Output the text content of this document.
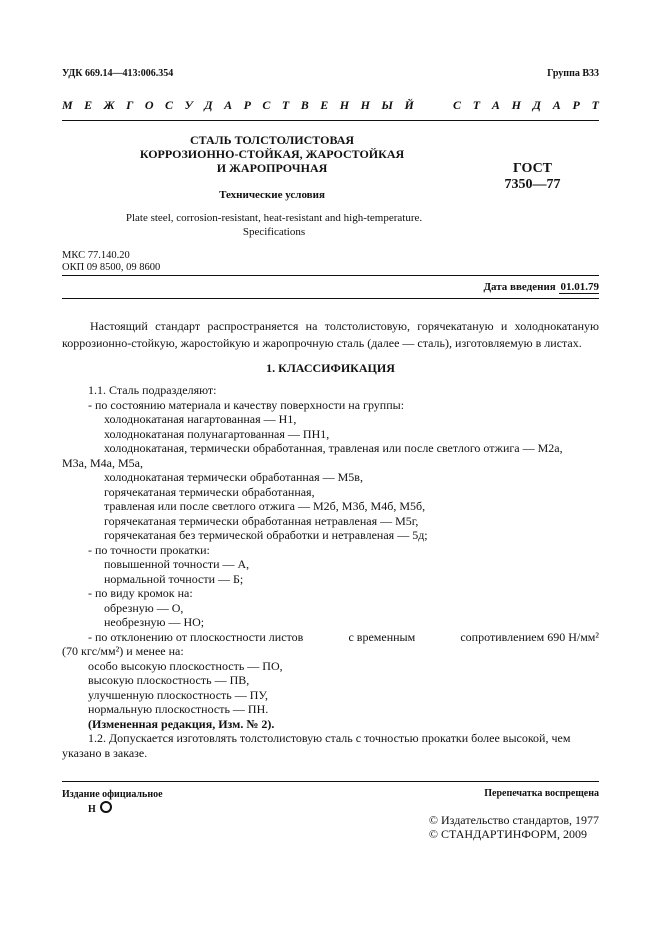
УДК 669.14—413:006.354	Группа В33
М Е Ж Г О С У Д А Р С Т В Е Н Н Ы Й	С Т А Н Д А Р Т
СТАЛЬ ТОЛСТОЛИСТОВАЯ
КОРРОЗИОННО-СТОЙКАЯ, ЖАРОСТОЙКАЯ
И ЖАРОПРОЧНАЯ	ГОСТ
7350—77
Технические условия
Plate steel, corrosion-resistant, heat-resistant and high-temperature.
Specifications
МКС 77.140.20
ОКП 09 8500, 09 8600
Дата введения 01.01.79
Настоящий стандарт распространяется на толстолистовую, горячекатаную и холоднокатаную коррозионно-стойкую, жаростойкую и жаропрочную сталь (далее — сталь), изготовляемую в листах.
1. КЛАССИФИКАЦИЯ
1.1. Сталь подразделяют:
- по состоянию материала и качеству поверхности на группы:
холоднокатаная нагартованная — Н1,
холоднокатаная полунагартованная — ПН1,
холоднокатаная, термически обработанная, травленая или после светлого отжига — М2а,
М3а, М4а, М5а,
холоднокатаная термически обработанная — М5в,
горячекатаная термически обработанная,
травленая или после светлого отжига — М2б, М3б, М4б, М5б,
горячекатаная термически обработанная нетравленая — М5г,
горячекатаная без термической обработки и нетравленая — 5д;
- по точности прокатки:
повышенной точности — А,
нормальной точности — Б;
- по виду кромок на:
обрезную — О,
необрезную — НО;
- по отклонению от плоскостности листов	с временным	сопротивлением 690 Н/мм²
(70 кгс/мм²) и менее на:
особо высокую плоскостность — ПО,
высокую плоскостность — ПВ,
улучшенную плоскостность — ПУ,
нормальную плоскостность — ПН.
(Измененная редакция, Изм. № 2).
1.2. Допускается изготовлять толстолистовую сталь с точностью прокатки более высокой, чем
указано в заказе.
Издание официальное
Н
Перепечатка воспрещена
© Издательство стандартов, 1977
© СТАНДАРТИНФОРМ, 2009
